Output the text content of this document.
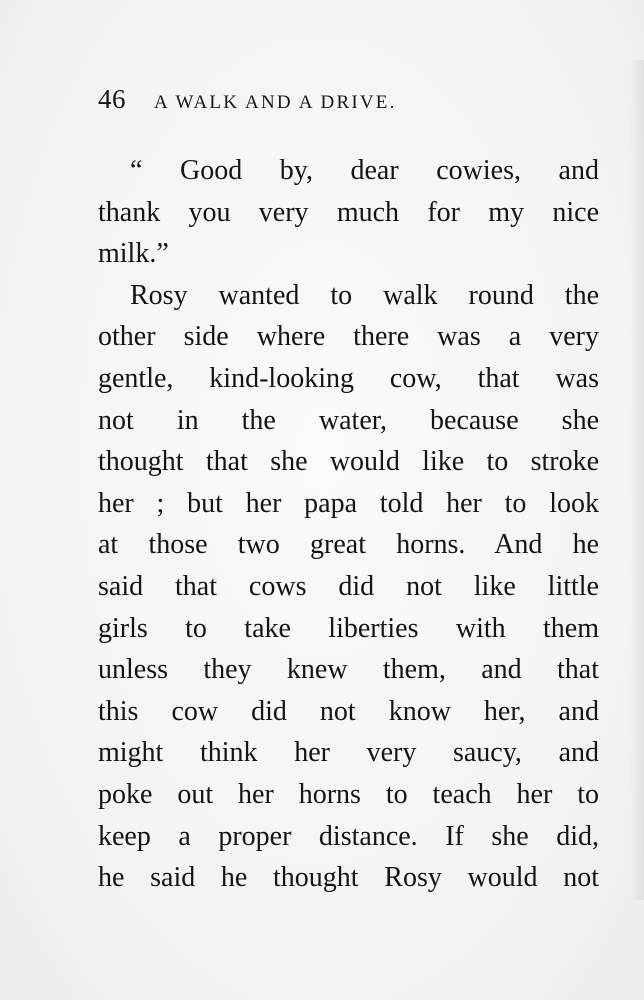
46 A WALK AND A DRIVE.
“ Good by, dear cowies, and
thank you very much for my nice
milk.”
Rosy wanted to walk round the
other side where there was a very
gentle, kind-looking cow, that was
not in the water, because she
thought that she would like to stroke
her ; but her papa told her to look
at those two great horns. And he
said that cows did not like little
girls to take liberties with them
unless they knew them, and that
this cow did not know her, and
might think her very saucy, and
poke out her horns to teach her to
keep a proper distance. If she did,
he said he thought Rosy would not
